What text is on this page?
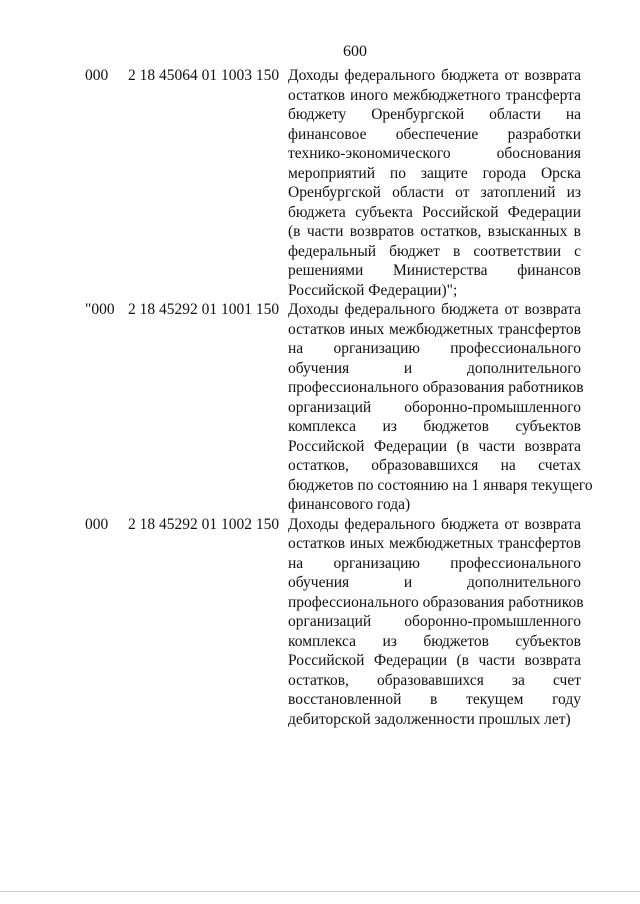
600
000 2 18 45064 01 1003 150 Доходы федерального бюджета от возврата
остатков иного межбюджетного трансферта
бюджету Оренбургской области на
финансовое обеспечение разработки
технико-экономического обоснования
мероприятий по защите города Орска
Оренбургской области от затоплений из
бюджета субъекта Российской Федерации
(в части возвратов остатков, взысканных в
федеральный бюджет в соответствии с
решениями Министерства финансов
Российской Федерации)";
"000 2 18 45292 01 1001 150 Доходы федерального бюджета от возврата
остатков иных межбюджетных трансфертов
на организацию профессионального
обучения и дополнительного
профессионального образования работников
организаций оборонно-промышленного
комплекса из бюджетов субъектов
Российской Федерации (в части возврата
остатков, образовавшихся на счетах
бюджетов по состоянию на 1 января текущего
финансового года)
000 2 18 45292 01 1002 150 Доходы федерального бюджета от возврата
остатков иных межбюджетных трансфертов
на организацию профессионального
обучения и дополнительного
профессионального образования работников
организаций оборонно-промышленного
комплекса из бюджетов субъектов
Российской Федерации (в части возврата
остатков, образовавшихся за счет
восстановленной в текущем году
дебиторской задолженности прошлых лет)
